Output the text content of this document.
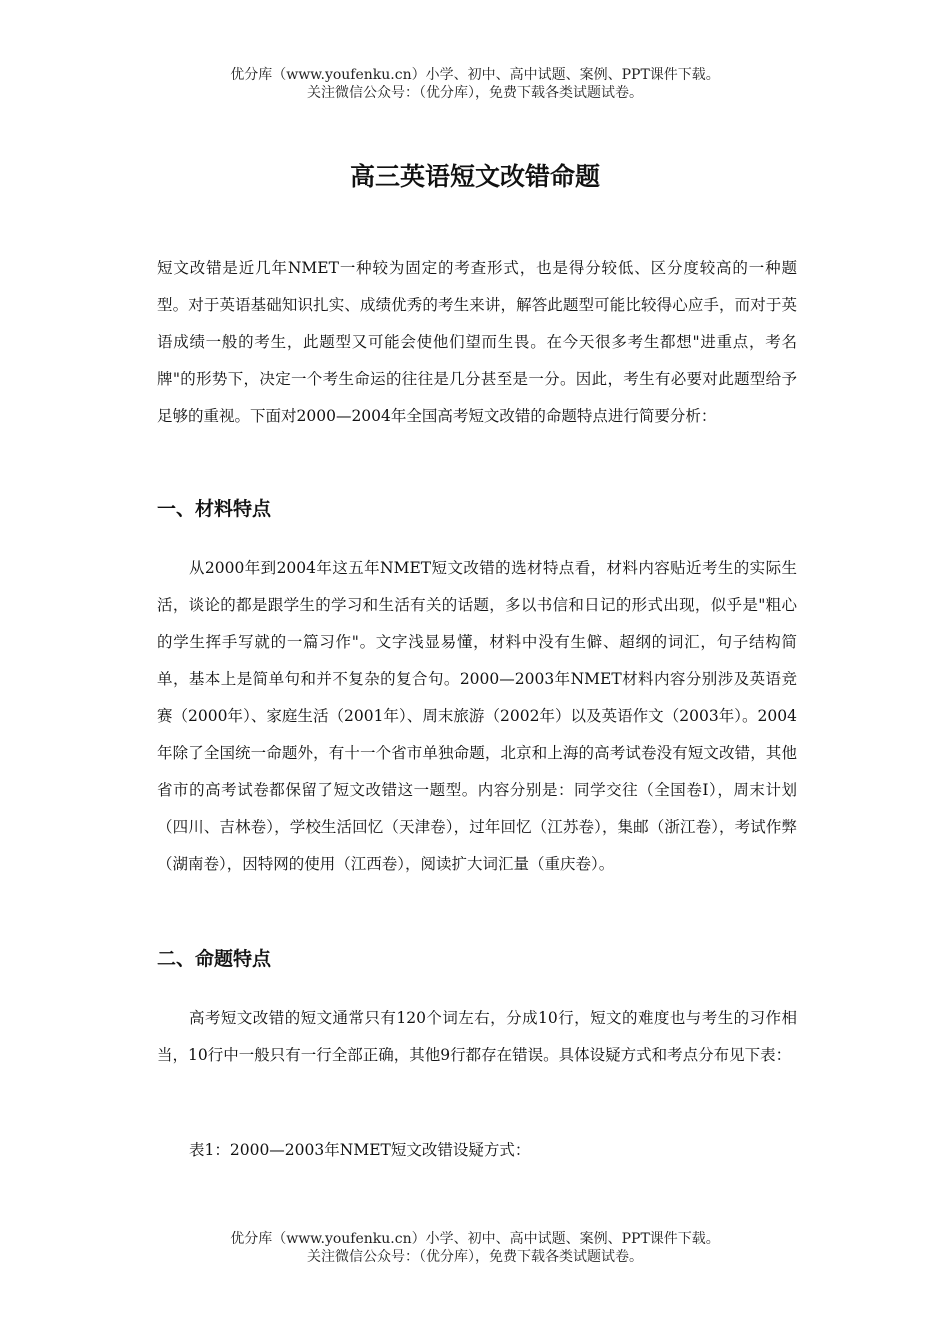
优分库（www.youfenku.cn）小学、初中、高中试题、案例、PPT课件下载。
关注微信公众号：（优分库），免费下载各类试题试卷。
高三英语短文改错命题

短文改错是近几年NMET一种较为固定的考查形式，也是得分较低、区分度较高的一种题型。对于英语基础知识扎实、成绩优秀的考生来讲，解答此题型可能比较得心应手，而对于英语成绩一般的考生，此题型又可能会使他们望而生畏。在今天很多考生都想"进重点，考名牌"的形势下，决定一个考生命运的往往是几分甚至是一分。因此，考生有必要对此题型给予足够的重视。下面对2000—2004年全国高考短文改错的命题特点进行简要分析：

一、材料特点

从2000年到2004年这五年NMET短文改错的选材特点看，材料内容贴近考生的实际生活，谈论的都是跟学生的学习和生活有关的话题，多以书信和日记的形式出现，似乎是"粗心的学生挥手写就的一篇习作"。文字浅显易懂，材料中没有生僻、超纲的词汇，句子结构简单，基本上是简单句和并不复杂的复合句。2000—2003年NMET材料内容分别涉及英语竞赛（2000年）、家庭生活（2001年）、周末旅游（2002年）以及英语作文（2003年）。2004年除了全国统一命题外，有十一个省市单独命题，北京和上海的高考试卷没有短文改错，其他省市的高考试卷都保留了短文改错这一题型。内容分别是：同学交往（全国卷Ⅰ），周末计划（四川、吉林卷），学校生活回忆（天津卷），过年回忆（江苏卷），集邮（浙江卷），考试作弊（湖南卷），因特网的使用（江西卷），阅读扩大词汇量（重庆卷）。

二、命题特点

高考短文改错的短文通常只有120个词左右，分成10行，短文的难度也与考生的习作相当，10行中一般只有一行全部正确，其他9行都存在错误。具体设疑方式和考点分布见下表：

表1：2000—2003年NMET短文改错设疑方式：

优分库（www.youfenku.cn）小学、初中、高中试题、案例、PPT课件下载。
关注微信公众号：（优分库），免费下载各类试题试卷。
